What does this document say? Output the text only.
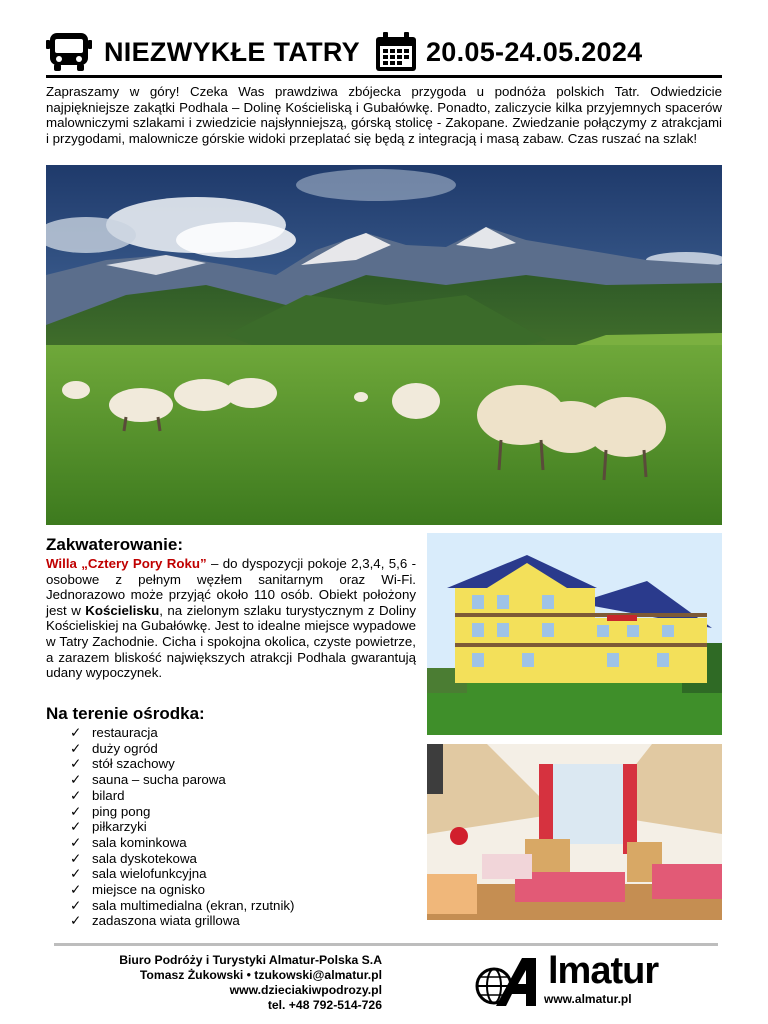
NIEZWYKŁE TATRY 20.05-24.05.2024
Zapraszamy w góry! Czeka Was prawdziwa zbójecka przygoda u podnóża polskich Tatr. Odwiedzicie najpiękniejsze zakątki Podhala – Dolinę Kościeliską i Gubałówkę. Ponadto, zaliczycie kilka przyjemnych spacerów malowniczymi szlakami i zwiedzicie najsłynniejszą, górską stolicę - Zakopane. Zwiedzanie połączymy z atrakcjami i przygodami, malownicze górskie widoki przeplatać się będą z integracją i masą zabaw. Czas ruszać na szlak!
Zakwaterowanie:
Willa „Cztery Pory Roku” – do dyspozycji pokoje 2,3,4, 5,6 - osobowe z pełnym węzłem sanitarnym oraz Wi-Fi. Jednorazowo może przyjąć około 110 osób. Obiekt położony jest w Kościelisku, na zielonym szlaku turystycznym z Doliny Kościeliskiej na Gubałówkę. Jest to idealne miejsce wypadowe w Tatry Zachodnie. Cicha i spokojna okolica, czyste powietrze, a zarazem bliskość największych atrakcji Podhala gwarantują udany wypoczynek.
Na terenie ośrodka:
✓ restauracja
✓ duży ogród
✓ stół szachowy
✓ sauna – sucha parowa
✓ bilard
✓ ping pong
✓ piłkarzyki
✓ sala kominkowa
✓ sala dyskotekowa
✓ sala wielofunkcyjna
✓ miejsce na ognisko
✓ sala multimedialna (ekran, rzutnik)
✓ zadaszona wiata grillowa
Biuro Podróży i Turystyki Almatur-Polska S.A
Tomasz Żukowski • tzukowski@almatur.pl
www.dzieciakiwpodrozy.pl
tel. +48 792-514-726
lmatur
www.almatur.pl
